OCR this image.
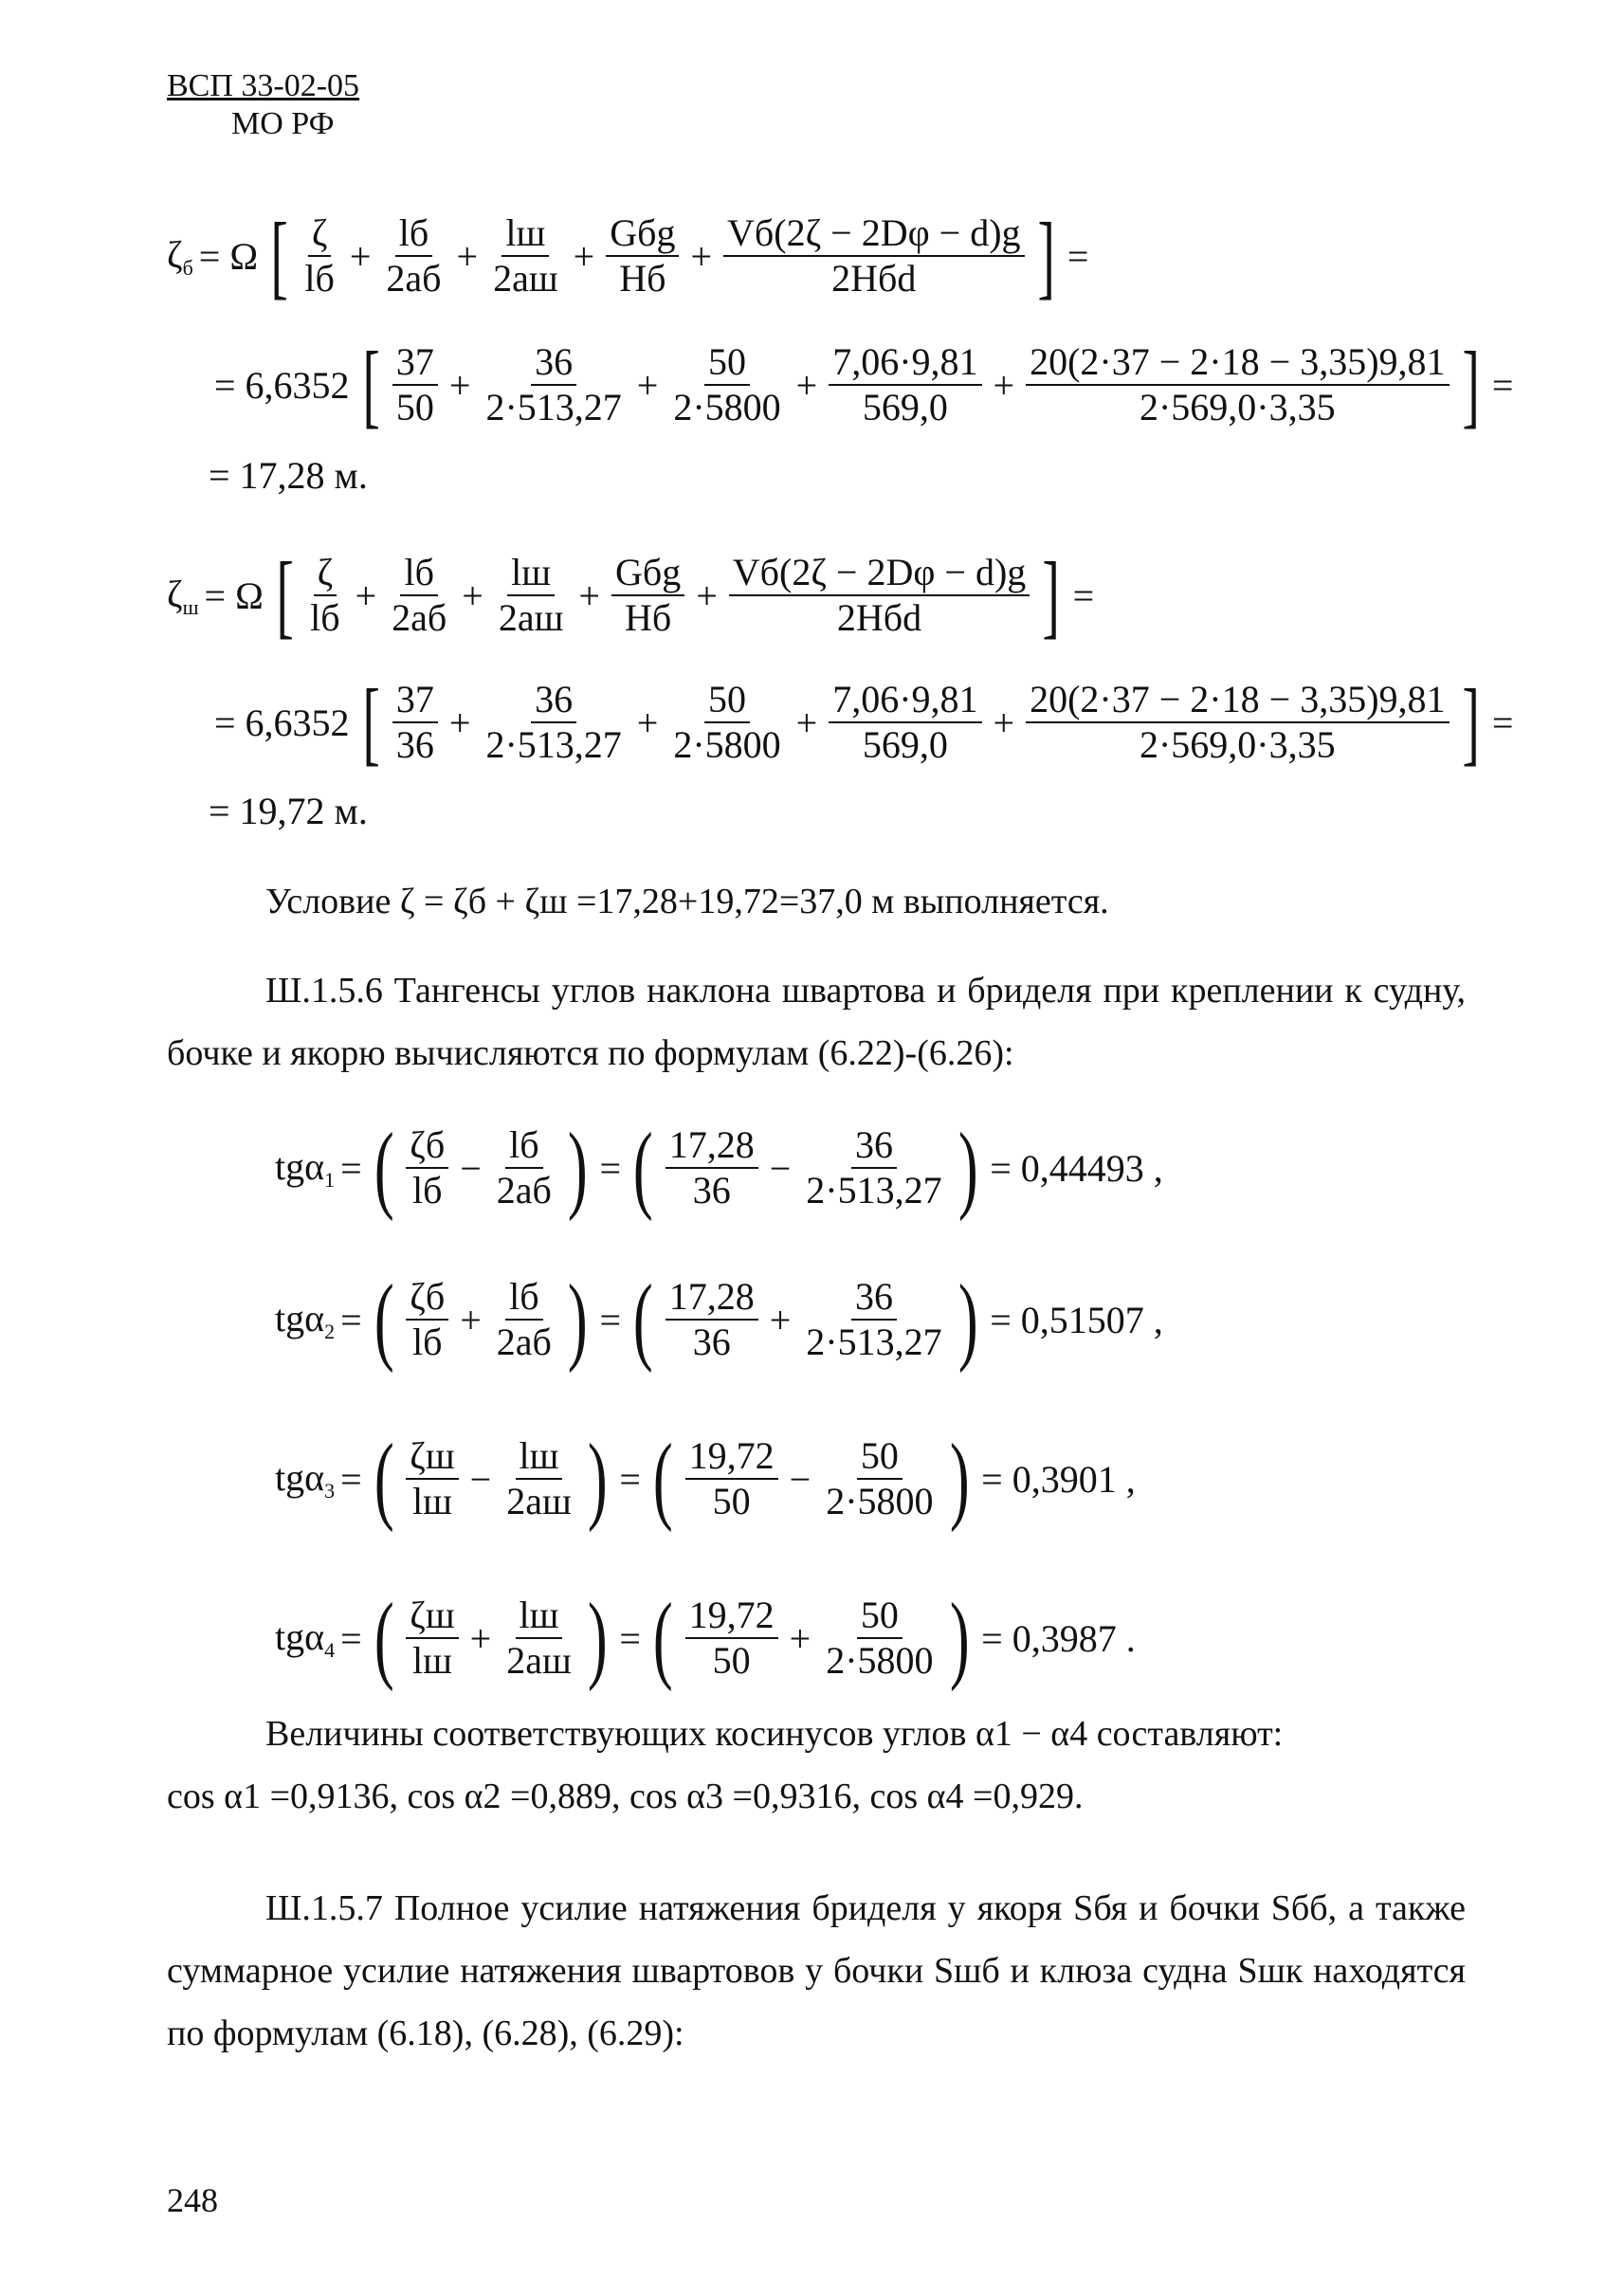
ВСП 33-02-05
МО РФ
$\zeta_б = \Omega$ [ $\frac{\zeta}{lб} + \frac{lб}{2aб} + \frac{lш}{2aш} + \frac{\text{Gбg}}{Hб} + \frac{Vб(2\zeta - 2D\varphi - d)g}{\text{2Hбd}}$ ] =
= 6,6352 [ $\frac{37}{50} + \frac{36}{2\cdot 513,27} + \frac{50}{2\cdot 5800} + \frac{7,06\cdot 9,81}{569,0} + \frac{20(2\cdot 37 - 2\cdot 18 - 3,35)9,81}{2\cdot 569,0\cdot 3,35}$ ] =
= 17,28 м.
$\zeta_ш = \Omega$ [ $\frac{\zeta}{lб} + \frac{lб}{2aб} + \frac{lш}{2aш} + \frac{\text{Gбg}}{Hб} + \frac{Vб(2\zeta - 2D\varphi - d)g}{\text{2Hбd}}$ ] =
= 6,6352 [ $\frac{37}{36} + \frac{36}{2\cdot 513,27} + \frac{50}{2\cdot 5800} + \frac{7,06\cdot 9,81}{569,0} + \frac{20(2\cdot 37 - 2\cdot 18 - 3,35)9,81}{2\cdot 569,0\cdot 3,35}$ ] =
= 19,72 м.
Условие ζ = ζб + ζш =17,28+19,72=37,0 м выполняется.
Ш.1.5.6 Тангенсы углов наклона швартова и бриделя при креплении к судну, бочке и якорю вычисляются по формулам (6.22)-(6.26):
tgα$_1$ = ( $\frac{\zeta б}{lб} - \frac{lб}{2aб}$ ) = ( $\frac{17,28}{36} - \frac{36}{2\cdot 513,27}$ ) = 0,44493 ,
tgα$_2$ = ( $\frac{\zeta б}{lб} + \frac{lб}{2aб}$ ) = ( $\frac{17,28}{36} + \frac{36}{2\cdot 513,27}$ ) = 0,51507 ,
tgα$_3$ = ( $\frac{\zeta ш}{lш} - \frac{lш}{2aш}$ ) = ( $\frac{19,72}{50} - \frac{50}{2\cdot 5800}$ ) = 0,3901 ,
tgα$_4$ = ( $\frac{\zeta ш}{lш} + \frac{lш}{2aш}$ ) = ( $\frac{19,72}{50} + \frac{50}{2\cdot 5800}$ ) = 0,3987 .
Величины соответствующих косинусов углов α1 − α4 составляют:
cos α1 =0,9136, cos α2 =0,889, cos α3 =0,9316, cos α4 =0,929.
Ш.1.5.7 Полное усилие натяжения бриделя у якоря Sбя и бочки Sбб, а также суммарное усилие натяжения швартовов у бочки Sшб и клюза судна Sшк находятся по формулам (6.18), (6.28), (6.29):
248
